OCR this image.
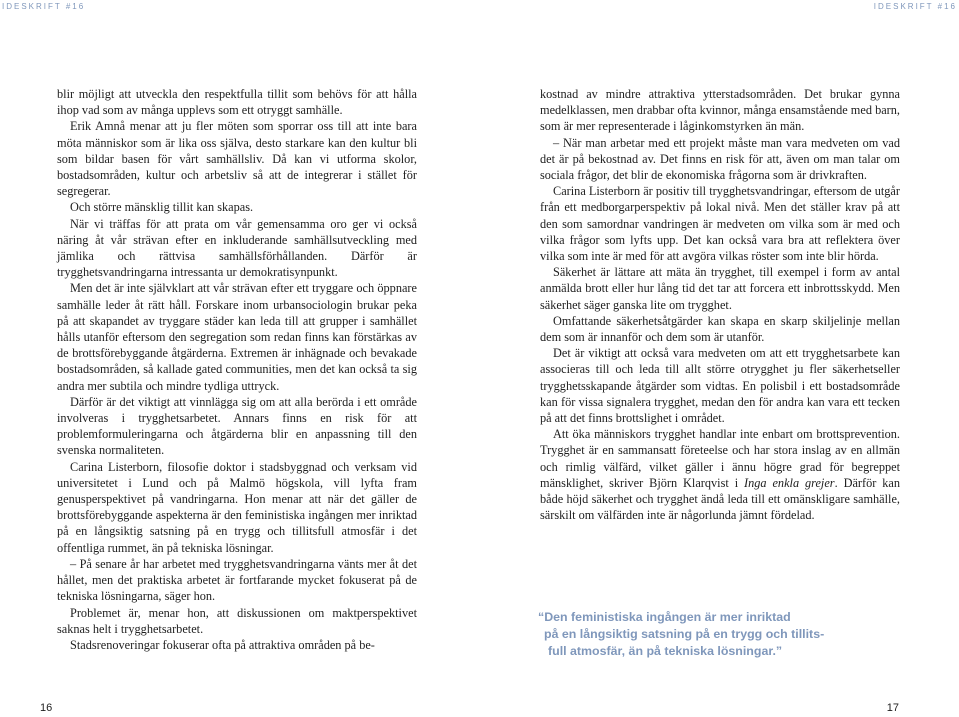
IDESKRIFT #16	IDESKRIFT #16

blir möjligt att utveckla den respektfulla tillit som behövs för att hålla ihop vad som av många upplevs som ett otryggt samhälle.

Erik Amnå menar att ju fler möten som sporrar oss till att inte bara möta människor som är lika oss själva, desto starkare kan den kultur bli som bildar basen för vårt samhällsliv. Då kan vi utforma skolor, bostadsområden, kultur och arbetsliv så att de integrerar i stället för segregerar.

Och större mänsklig tillit kan skapas.

När vi träffas för att prata om vår gemensamma oro ger vi också näring åt vår strävan efter en inkluderande samhällsutveckling med jämlika och rättvisa samhällsförhållanden. Därför är trygghetsvandringarna intressanta ur demokratisynpunkt.

Men det är inte självklart att vår strävan efter ett tryggare och öppnare samhälle leder åt rätt håll. Forskare inom urbansociologin brukar peka på att skapandet av tryggare städer kan leda till att grupper i samhället hålls utanför eftersom den segregation som redan finns kan förstärkas av de brottsförebyggande åtgärderna. Extremen är inhägnade och bevakade bostadsområden, så kallade gated communities, men det kan också ta sig andra mer subtila och mindre tydliga uttryck.

Därför är det viktigt att vinnlägga sig om att alla berörda i ett område involveras i trygghetsarbetet. Annars finns en risk för att problemformuleringarna och åtgärderna blir en anpassning till den svenska normaliteten.

Carina Listerborn, filosofie doktor i stadsbyggnad och verksam vid universitetet i Lund och på Malmö högskola, vill lyfta fram genusperspektivet på vandringarna. Hon menar att när det gäller de brottsförebyggande aspekterna är den feministiska ingången mer inriktad på en långsiktig satsning på en trygg och tillitsfull atmosfär i det offentliga rummet, än på tekniska lösningar.

– På senare år har arbetet med trygghetsvandringarna vänts mer åt det hållet, men det praktiska arbetet är fortfarande mycket fokuserat på de tekniska lösningarna, säger hon.

Problemet är, menar hon, att diskussionen om maktperspektivet saknas helt i trygghetsarbetet.

Stadsrenoveringar fokuserar ofta på attraktiva områden på be-

kostnad av mindre attraktiva ytterstadsområden. Det brukar gynna medelklassen, men drabbar ofta kvinnor, många ensamstående med barn, som är mer representerade i låginkomstyrken än män.

– När man arbetar med ett projekt måste man vara medveten om vad det är på bekostnad av. Det finns en risk för att, även om man talar om sociala frågor, det blir de ekonomiska frågorna som är drivkraften.

Carina Listerborn är positiv till trygghetsvandringar, eftersom de utgår från ett medborgarperspektiv på lokal nivå. Men det ställer krav på att den som samordnar vandringen är medveten om vilka som är med och vilka frågor som lyfts upp. Det kan också vara bra att reflektera över vilka som inte är med för att avgöra vilkas röster som inte blir hörda.

Säkerhet är lättare att mäta än trygghet, till exempel i form av antal anmälda brott eller hur lång tid det tar att forcera ett inbrottsskydd. Men säkerhet säger ganska lite om trygghet.

Omfattande säkerhetsåtgärder kan skapa en skarp skiljelinje mellan dem som är innanför och dem som är utanför.

Det är viktigt att också vara medveten om att ett trygghetsarbete kan associeras till och leda till allt större otrygghet ju fler säkerhetseller trygghetsskapande åtgärder som vidtas. En polisbil i ett bostadsområde kan för vissa signalera trygghet, medan den för andra kan vara ett tecken på att det finns brottslighet i området.

Att öka människors trygghet handlar inte enbart om brottsprevention. Trygghet är en sammansatt företeelse och har stora inslag av en allmän och rimlig välfärd, vilket gäller i ännu högre grad för begreppet mänsklighet, skriver Björn Klarqvist i Inga enkla grejer. Därför kan både höjd säkerhet och trygghet ändå leda till ett omänskligare samhälle, särskilt om välfärden inte är någorlunda jämnt fördelad.

“Den feministiska ingången är mer inriktad
på en långsiktig satsning på en trygg och tillits-
full atmosfär, än på tekniska lösningar.”
16	17
